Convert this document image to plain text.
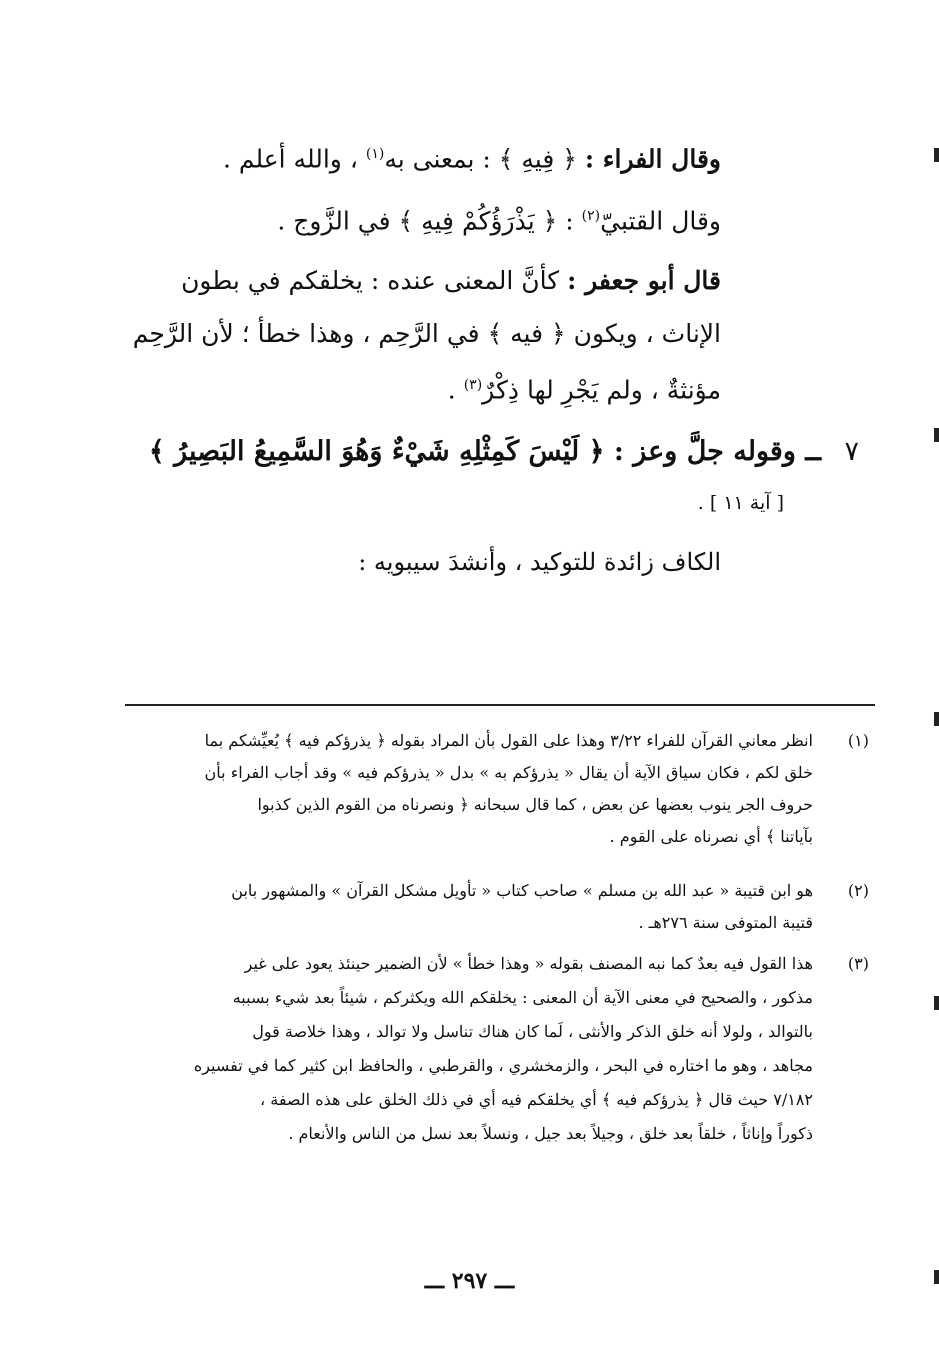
وقال الفراء : ﴿ فِيهِ ﴾ : بمعنى به$^{(١)}$ ، والله أعلم .
وقال القتبيّ$^{(٢)}$ : ﴿ يَذْرَؤُكُمْ فِيهِ ﴾ في الزَّوج .
قال أبو جعفر : كأنَّ المعنى عنده : يخلقكم في بطون
الإناث ، ويكون ﴿ فيه ﴾ في الرَّحِم ، وهذا خطأ ؛ لأن الرَّحِم
مؤنثةٌ ، ولم يَجْرِ لها ذِكْرٌ$^{(٣)}$ .
٧ ــ وقوله جلَّ وعز : ﴿ لَيْسَ كَمِثْلِهِ شَيْءٌ وَهُوَ السَّمِيعُ البَصِيرُ ﴾
[ آية ١١ ] .
الكاف زائدة للتوكيد ، وأنشدَ سيبويه :
(١)
انظر معاني القرآن للفراء ٣/٢٢ وهذا على القول بأن المراد بقوله ﴿ يذرؤكم فيه ﴾ يُعيِّشكم بما
خلق لكم ، فكان سياق الآية أن يقال « يذرؤكم به » بدل « يذرؤكم فيه » وقد أجاب الفراء بأن
حروف الجر ينوب بعضها عن بعض ، كما قال سبحانه ﴿ ونصرناه من القوم الذين كذبوا
بآياتنا ﴾ أي نصرناه على القوم .
(٢)
هو ابن قتيبة « عبد الله بن مسلم » صاحب كتاب « تأويل مشكل القرآن » والمشهور بابن
قتيبة المتوفى سنة ٢٧٦هـ .
(٣)
هذا القول فيه بعدٌ كما نبه المصنف بقوله « وهذا خطأ » لأن الضمير حينئذ يعود على غير
مذكور ، والصحيح في معنى الآية أن المعنى : يخلقكم الله ويكثركم ، شيئاً بعد شيء بسببه
بالتوالد ، ولولا أنه خلق الذكر والأنثى ، لَما كان هناك تناسل ولا توالد ، وهذا خلاصة قول
مجاهد ، وهو ما اختاره في البحر ، والزمخشري ، والقرطبي ، والحافظ ابن كثير كما في تفسيره
٧/١٨٢ حيث قال ﴿ يذرؤكم فيه ﴾ أي يخلقكم فيه أي في ذلك الخلق على هذه الصفة ،
ذكوراً وإناثاً ، خلقاً بعد خلق ، وجيلاً بعد جيل ، ونسلاً بعد نسل من الناس والأنعام .
ـــ ٢٩٧ ـــ
